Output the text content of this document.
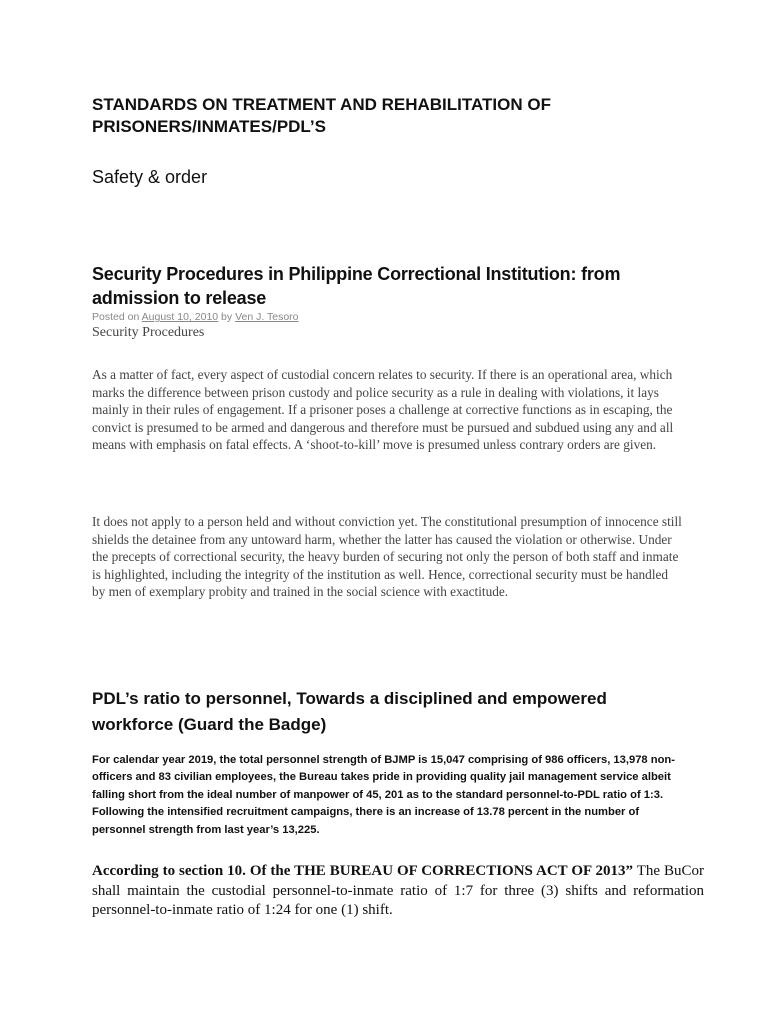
STANDARDS ON TREATMENT AND REHABILITATION OF PRISONERS/INMATES/PDL’S
Safety & order
Security Procedures in Philippine Correctional Institution: from admission to release
Posted on August 10, 2010 by Ven J. Tesoro
Security Procedures

As a matter of fact, every aspect of custodial concern relates to security. If there is an operational area, which marks the difference between prison custody and police security as a rule in dealing with violations, it lays mainly in their rules of engagement. If a prisoner poses a challenge at corrective functions as in escaping, the convict is presumed to be armed and dangerous and therefore must be pursued and subdued using any and all means with emphasis on fatal effects. A ‘shoot-to-kill’ move is presumed unless contrary orders are given.

It does not apply to a person held and without conviction yet. The constitutional presumption of innocence still shields the detainee from any untoward harm, whether the latter has caused the violation or otherwise. Under the precepts of correctional security, the heavy burden of securing not only the person of both staff and inmate is highlighted, including the integrity of the institution as well. Hence, correctional security must be handled by men of exemplary probity and trained in the social science with exactitude.

PDL’s ratio to personnel, Towards a disciplined and empowered workforce (Guard the Badge)

For calendar year 2019, the total personnel strength of BJMP is 15,047 comprising of 986 officers, 13,978 non-officers and 83 civilian employees, the Bureau takes pride in providing quality jail management service albeit falling short from the ideal number of manpower of 45, 201 as to the standard personnel-to-PDL ratio of 1:3. Following the intensified recruitment campaigns, there is an increase of 13.78 percent in the number of personnel strength from last year’s 13,225.

According to section 10. Of the THE BUREAU OF CORRECTIONS ACT OF 2013” The BuCor shall maintain the custodial personnel-to-inmate ratio of 1:7 for three (3) shifts and reformation personnel-to-inmate ratio of 1:24 for one (1) shift.
